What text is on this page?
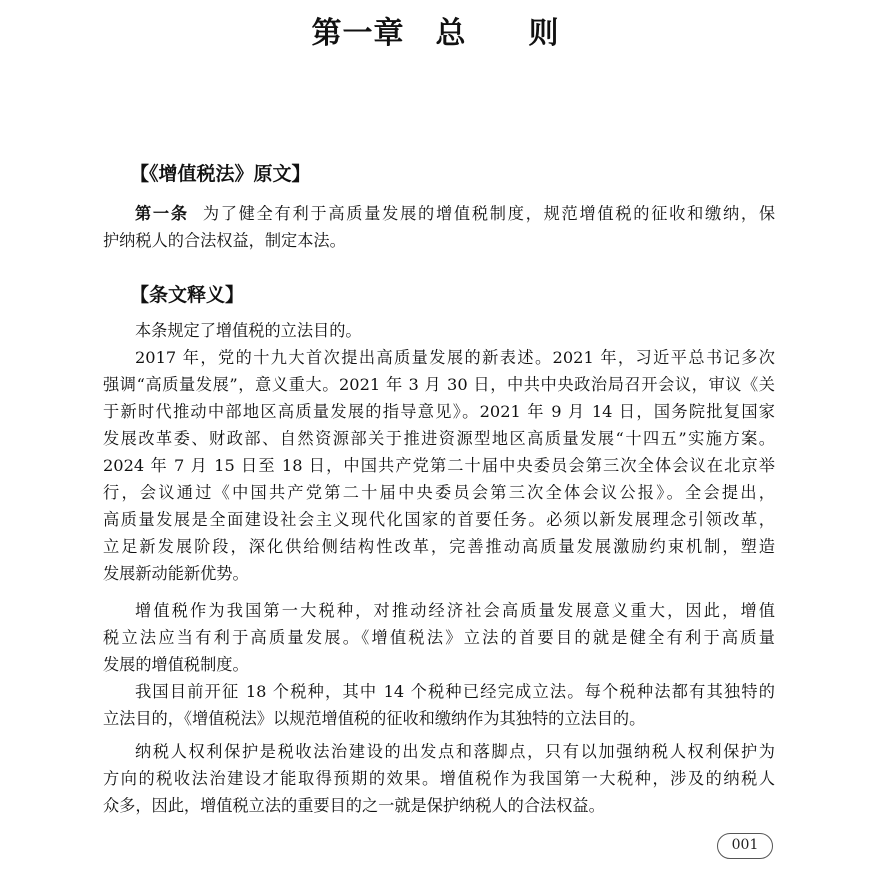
第一章　总　　则
【《增值税法》原文】
第一条 为了健全有利于高质量发展的增值税制度，规范增值税的征收和缴纳，保
护纳税人的合法权益，制定本法。
【条文释义】
本条规定了增值税的立法目的。
2017 年，党的十九大首次提出高质量发展的新表述。2021 年，习近平总书记多次
强调“高质量发展”，意义重大。2021 年 3 月 30 日，中共中央政治局召开会议，审议《关
于新时代推动中部地区高质量发展的指导意见》。2021 年 9 月 14 日，国务院批复国家
发展改革委、财政部、自然资源部关于推进资源型地区高质量发展“十四五”实施方案。
2024 年 7 月 15 日至 18 日，中国共产党第二十届中央委员会第三次全体会议在北京举
行，会议通过《中国共产党第二十届中央委员会第三次全体会议公报》。全会提出，
高质量发展是全面建设社会主义现代化国家的首要任务。必须以新发展理念引领改革，
立足新发展阶段，深化供给侧结构性改革，完善推动高质量发展激励约束机制，塑造
发展新动能新优势。
增值税作为我国第一大税种，对推动经济社会高质量发展意义重大，因此，增值
税立法应当有利于高质量发展。《增值税法》立法的首要目的就是健全有利于高质量
发展的增值税制度。
我国目前开征 18 个税种，其中 14 个税种已经完成立法。每个税种法都有其独特的
立法目的，《增值税法》以规范增值税的征收和缴纳作为其独特的立法目的。
纳税人权利保护是税收法治建设的出发点和落脚点，只有以加强纳税人权利保护为
方向的税收法治建设才能取得预期的效果。增值税作为我国第一大税种，涉及的纳税人
众多，因此，增值税立法的重要目的之一就是保护纳税人的合法权益。
001
